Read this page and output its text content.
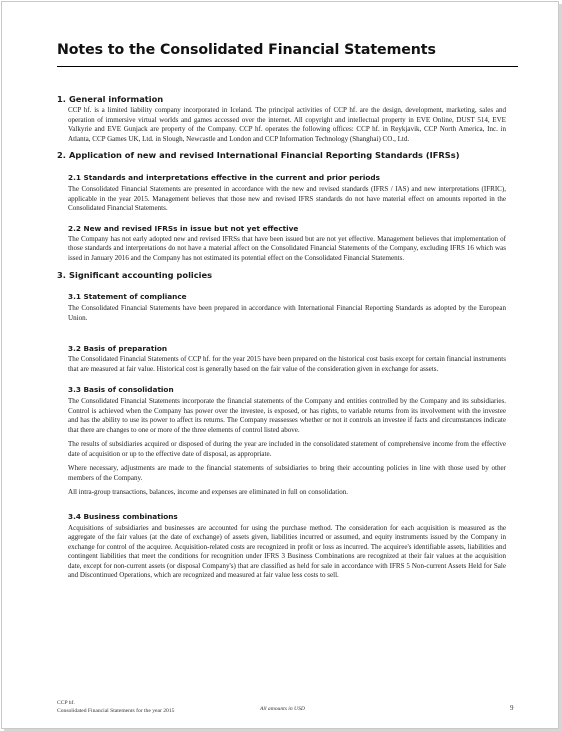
Notes to the Consolidated Financial Statements
1. General information

CCP hf. is a limited liability company incorporated in Iceland. The principal activities of CCP hf. are the design, development, marketing, sales and operation of immersive virtual worlds and games accessed over the internet. All copyright and intellectual property in EVE Online, DUST 514, EVE Valkyrie and EVE Gunjack are property of the Company. CCP hf. operates the following offices: CCP hf. in Reykjavik, CCP North America, Inc. in Atlanta, CCP Games UK, Ltd. in Slough, Newcastle and London and CCP Information Technology (Shanghai) CO., Ltd.

2. Application of new and revised International Financial Reporting Standards (IFRSs)
2.1 Standards and interpretations effective in the current and prior periods

The Consolidated Financial Statements are presented in accordance with the new and revised standards (IFRS / IAS) and new interpretations (IFRIC), applicable in the year 2015. Management believes that those new and revised IFRS standards do not have material effect on amounts reported in the Consolidated Financial Statements.

2.2 New and revised IFRSs in issue but not yet effective

The Company has not early adopted new and revised IFRSs that have been issued but are not yet effective. Management believes that implementation of those standards and interpretations do not have a material affect on the Consolidated Financial Statements of the Company, excluding IFRS 16 which was issed in January 2016 and the Company has not estimated its potential effect on the Consolidated Financial Statements.

3. Significant accounting policies
3.1 Statement of compliance

The Consolidated Financial Statements have been prepared in accordance with International Financial Reporting Standards as adopted by the European Union.

3.2 Basis of preparation

The Consolidated Financial Statements of CCP hf. for the year 2015 have been prepared on the historical cost basis except for certain financial instruments that are measured at fair value. Historical cost is generally based on the fair value of the consideration given in exchange for assets.

3.3 Basis of consolidation

The Consolidated Financial Statements incorporate the financial statements of the Company and entities controlled by the Company and its subsidiaries. Control is achieved when the Company has power over the investee, is exposed, or has rights, to variable returns from its involvement with the investee and has the ability to use its power to affect its returns. The Company reassesses whether or not it controls an investee if facts and circumstances indicate that there are changes to one or more of the three elements of control listed above.

The results of subsidiaries acquired or disposed of during the year are included in the consolidated statement of comprehensive income from the effective date of acquisition or up to the effective date of disposal, as appropriate.

Where necessary, adjustments are made to the financial statements of subsidiaries to bring their accounting policies in line with those used by other members of the Company.

All intra-group transactions, balances, income and expenses are eliminated in full on consolidation.

3.4 Business combinations

Acquisitions of subsidiaries and businesses are accounted for using the purchase method. The consideration for each acquisition is measured as the aggregate of the fair values (at the date of exchange) of assets given, liabilities incurred or assumed, and equity instruments issued by the Company in exchange for control of the acquiree. Acquisition-related costs are recognized in profit or loss as incurred. The acquiree's identifiable assets, liabilities and contingent liabilities that meet the conditions for recognition under IFRS 3 Business Combinations are recognized at their fair values at the acquisition date, except for non-current assets (or disposal Company's) that are classified as held for sale in accordance with IFRS 5 Non-current Assets Held for Sale and Discontinued Operations, which are recognized and measured at fair value less costs to sell.

CCP hf.
Consolidated Financial Statements for the year 2015	All amounts in USD	9
